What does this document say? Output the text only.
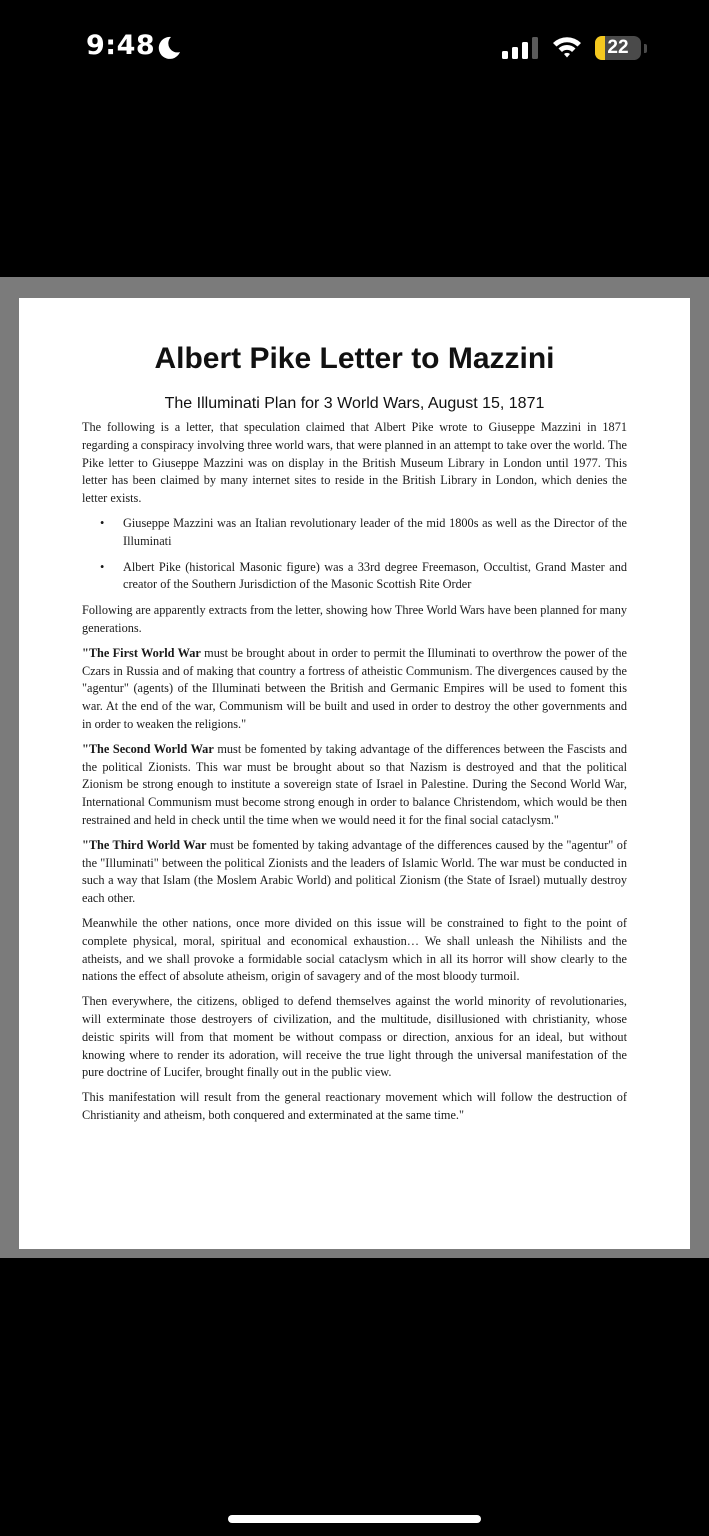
9:48	22
Albert Pike Letter to Mazzini
The Illuminati Plan for 3 World Wars, August 15, 1871

The following is a letter, that speculation claimed that Albert Pike wrote to Giuseppe Mazzini in 1871 regarding a conspiracy involving three world wars, that were planned in an attempt to take over the world. The Pike letter to Giuseppe Mazzini was on display in the British Museum Library in London until 1977. This letter has been claimed by many internet sites to reside in the British Library in London, which denies the letter exists.

• Giuseppe Mazzini was an Italian revolutionary leader of the mid 1800s as well as the Director of the Illuminati
• Albert Pike (historical Masonic figure) was a 33rd degree Freemason, Occultist, Grand Master and creator of the Southern Jurisdiction of the Masonic Scottish Rite Order

Following are apparently extracts from the letter, showing how Three World Wars have been planned for many generations.

"The First World War must be brought about in order to permit the Illuminati to overthrow the power of the Czars in Russia and of making that country a fortress of atheistic Communism. The divergences caused by the "agentur" (agents) of the Illuminati between the British and Germanic Empires will be used to foment this war. At the end of the war, Communism will be built and used in order to destroy the other governments and in order to weaken the religions."

"The Second World War must be fomented by taking advantage of the differences between the Fascists and the political Zionists. This war must be brought about so that Nazism is destroyed and that the political Zionism be strong enough to institute a sovereign state of Israel in Palestine. During the Second World War, International Communism must become strong enough in order to balance Christendom, which would be then restrained and held in check until the time when we would need it for the final social cataclysm."

"The Third World War must be fomented by taking advantage of the differences caused by the "agentur" of the "Illuminati" between the political Zionists and the leaders of Islamic World. The war must be conducted in such a way that Islam (the Moslem Arabic World) and political Zionism (the State of Israel) mutually destroy each other.

Meanwhile the other nations, once more divided on this issue will be constrained to fight to the point of complete physical, moral, spiritual and economical exhaustion… We shall unleash the Nihilists and the atheists, and we shall provoke a formidable social cataclysm which in all its horror will show clearly to the nations the effect of absolute atheism, origin of savagery and of the most bloody turmoil.

Then everywhere, the citizens, obliged to defend themselves against the world minority of revolutionaries, will exterminate those destroyers of civilization, and the multitude, disillusioned with christianity, whose deistic spirits will from that moment be without compass or direction, anxious for an ideal, but without knowing where to render its adoration, will receive the true light through the universal manifestation of the pure doctrine of Lucifer, brought finally out in the public view.

This manifestation will result from the general reactionary movement which will follow the destruction of Christianity and atheism, both conquered and exterminated at the same time."
